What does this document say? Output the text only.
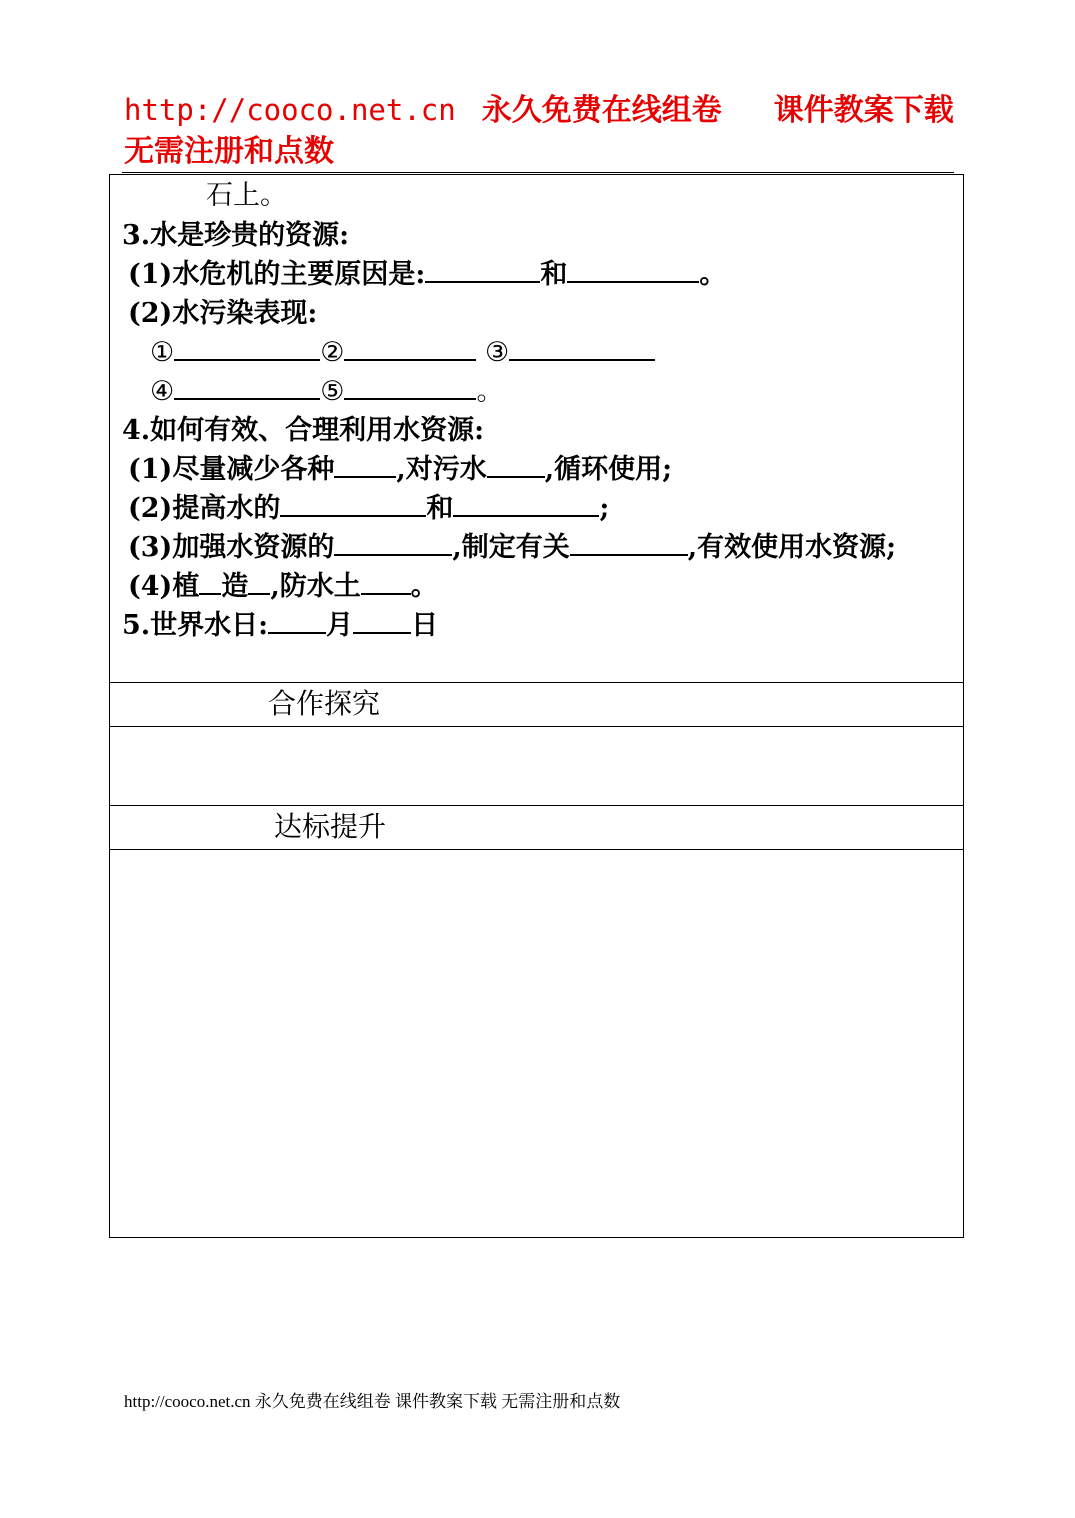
http://cooco.net.cn 永久免费在线组卷 课件教案下载
无需注册和点数
石上。
3.水是珍贵的资源:
(1)水危机的主要原因是:	和	。
(2)水污染表现:
①	②	③
④	⑤	。
4.如何有效、合理利用水资源:
(1)尽量减少各种 ,对污水 ,循环使用;
(2)提高水的	和	;
(3)加强水资源的	,制定有关	,有效使用水资源;
(4)植 造 ,防水土 。
5.世界水日: 月 日
合作探究
达标提升
http://cooco.net.cn 永久免费在线组卷 课件教案下载 无需注册和点数
